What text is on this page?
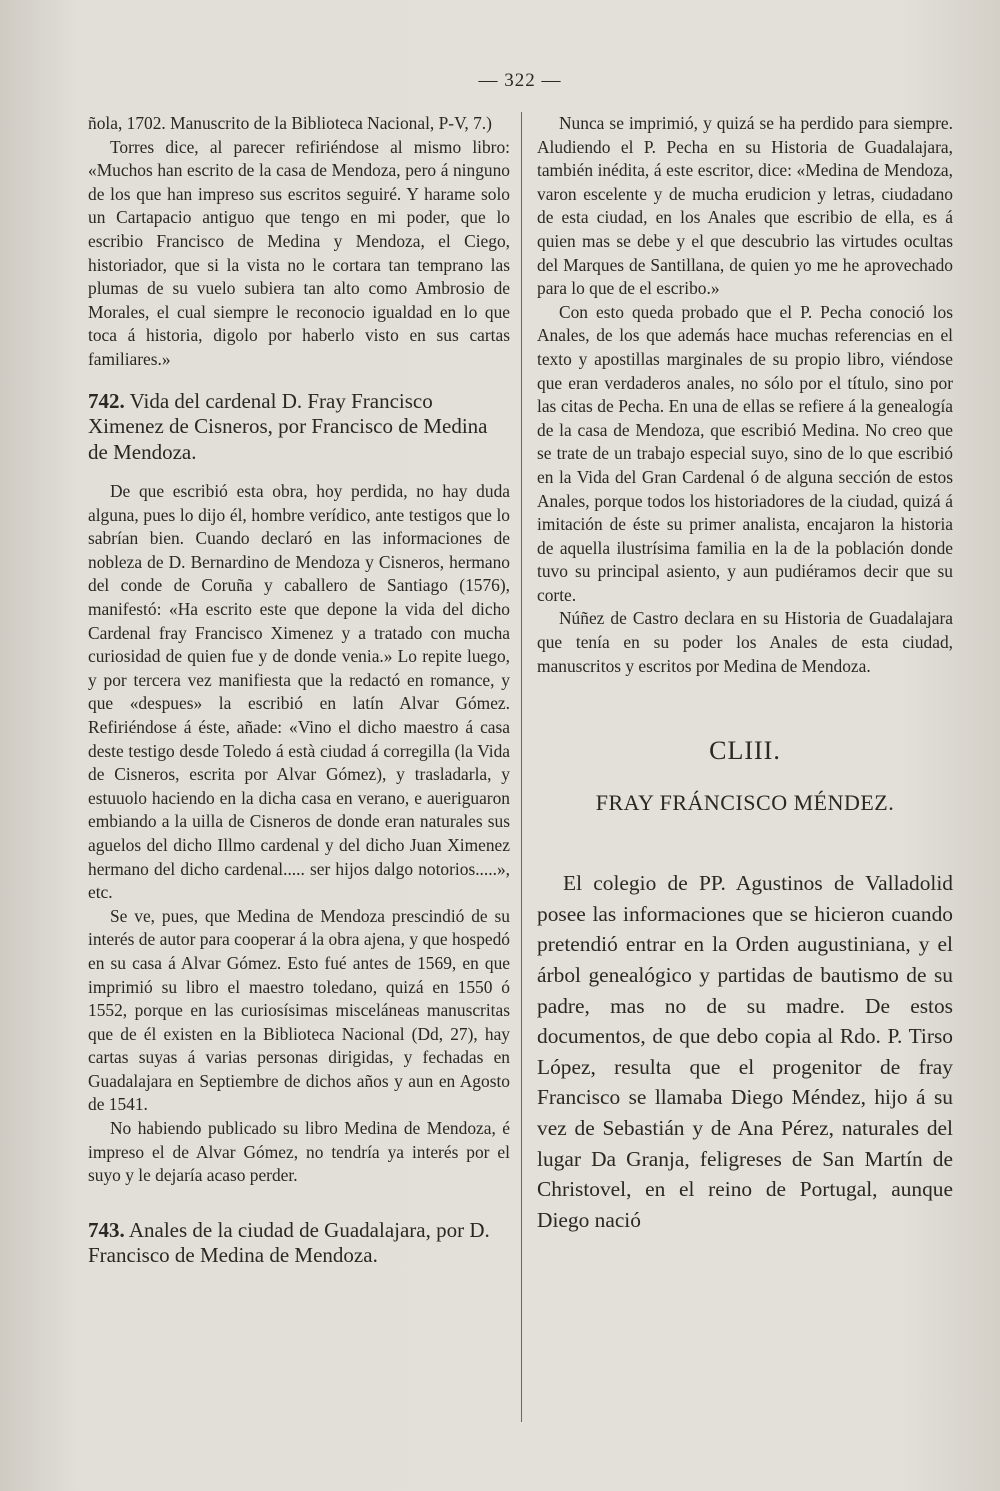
— 322 —

ñola, 1702. Manuscrito de la Biblioteca Nacional, P-V, 7.)

Torres dice, al parecer refiriéndose al mismo libro: «Muchos han escrito de la casa de Mendoza, pero á ninguno de los que han impreso sus escritos seguiré. Y harame solo un Cartapacio antiguo que tengo en mi poder, que lo escribio Francisco de Medina y Mendoza, el Ciego, historiador, que si la vista no le cortara tan temprano las plumas de su vuelo subiera tan alto como Ambrosio de Morales, el cual siempre le reconocio igualdad en lo que toca á historia, digolo por haberlo visto en sus cartas familiares.»

742. Vida del cardenal D. Fray Francisco Ximenez de Cisneros, por Francisco de Medina de Mendoza.

De que escribió esta obra, hoy perdida, no hay duda alguna, pues lo dijo él, hombre verídico, ante testigos que lo sabrían bien. Cuando declaró en las informaciones de nobleza de D. Bernardino de Mendoza y Cisneros, hermano del conde de Coruña y caballero de Santiago (1576), manifestó: «Ha escrito este que depone la vida del dicho Cardenal fray Francisco Ximenez y a tratado con mucha curiosidad de quien fue y de donde venia.» Lo repite luego, y por tercera vez manifiesta que la redactó en romance, y que «despues» la escribió en latín Alvar Gómez. Refiriéndose á éste, añade: «Vino el dicho maestro á casa deste testigo desde Toledo á està ciudad á corregilla (la Vida de Cisneros, escrita por Alvar Gómez), y trasladarla, y estuuolo haciendo en la dicha casa en verano, e aueriguaron embiando a la uilla de Cisneros de donde eran naturales sus aguelos del dicho Illmo cardenal y del dicho Juan Ximenez hermano del dicho cardenal..... ser hijos dalgo notorios.....», etc.

Se ve, pues, que Medina de Mendoza prescindió de su interés de autor para cooperar á la obra ajena, y que hospedó en su casa á Alvar Gómez. Esto fué antes de 1569, en que imprimió su libro el maestro toledano, quizá en 1550 ó 1552, porque en las curiosísimas misceláneas manuscritas que de él existen en la Biblioteca Nacional (Dd, 27), hay cartas suyas á varias personas dirigidas, y fechadas en Guadalajara en Septiembre de dichos años y aun en Agosto de 1541.

No habiendo publicado su libro Medina de Mendoza, é impreso el de Alvar Gómez, no tendría ya interés por el suyo y le dejaría acaso perder.

743. Anales de la ciudad de Guadalajara, por D. Francisco de Medina de Mendoza.

Nunca se imprimió, y quizá se ha perdido para siempre. Aludiendo el P. Pecha en su Historia de Guadalajara, también inédita, á este escritor, dice: «Medina de Mendoza, varon escelente y de mucha erudicion y letras, ciudadano de esta ciudad, en los Anales que escribio de ella, es á quien mas se debe y el que descubrio las virtudes ocultas del Marques de Santillana, de quien yo me he aprovechado para lo que de el escribo.»

Con esto queda probado que el P. Pecha conoció los Anales, de los que además hace muchas referencias en el texto y apostillas marginales de su propio libro, viéndose que eran verdaderos anales, no sólo por el título, sino por las citas de Pecha. En una de ellas se refiere á la genealogía de la casa de Mendoza, que escribió Medina. No creo que se trate de un trabajo especial suyo, sino de lo que escribió en la Vida del Gran Cardenal ó de alguna sección de estos Anales, porque todos los historiadores de la ciudad, quizá á imitación de éste su primer analista, encajaron la historia de aquella ilustrísima familia en la de la población donde tuvo su principal asiento, y aun pudiéramos decir que su corte.

Núñez de Castro declara en su Historia de Guadalajara que tenía en su poder los Anales de esta ciudad, manuscritos y escritos por Medina de Mendoza.

CLIII.
FRAY FRÁNCISCO MÉNDEZ.

El colegio de PP. Agustinos de Valladolid posee las informaciones que se hicieron cuando pretendió entrar en la Orden augustiniana, y el árbol genealógico y partidas de bautismo de su padre, mas no de su madre. De estos documentos, de que debo copia al Rdo. P. Tirso López, resulta que el progenitor de fray Francisco se llamaba Diego Méndez, hijo á su vez de Sebastián y de Ana Pérez, naturales del lugar Da Granja, feligreses de San Martín de Christovel, en el reino de Portugal, aunque Diego nació
